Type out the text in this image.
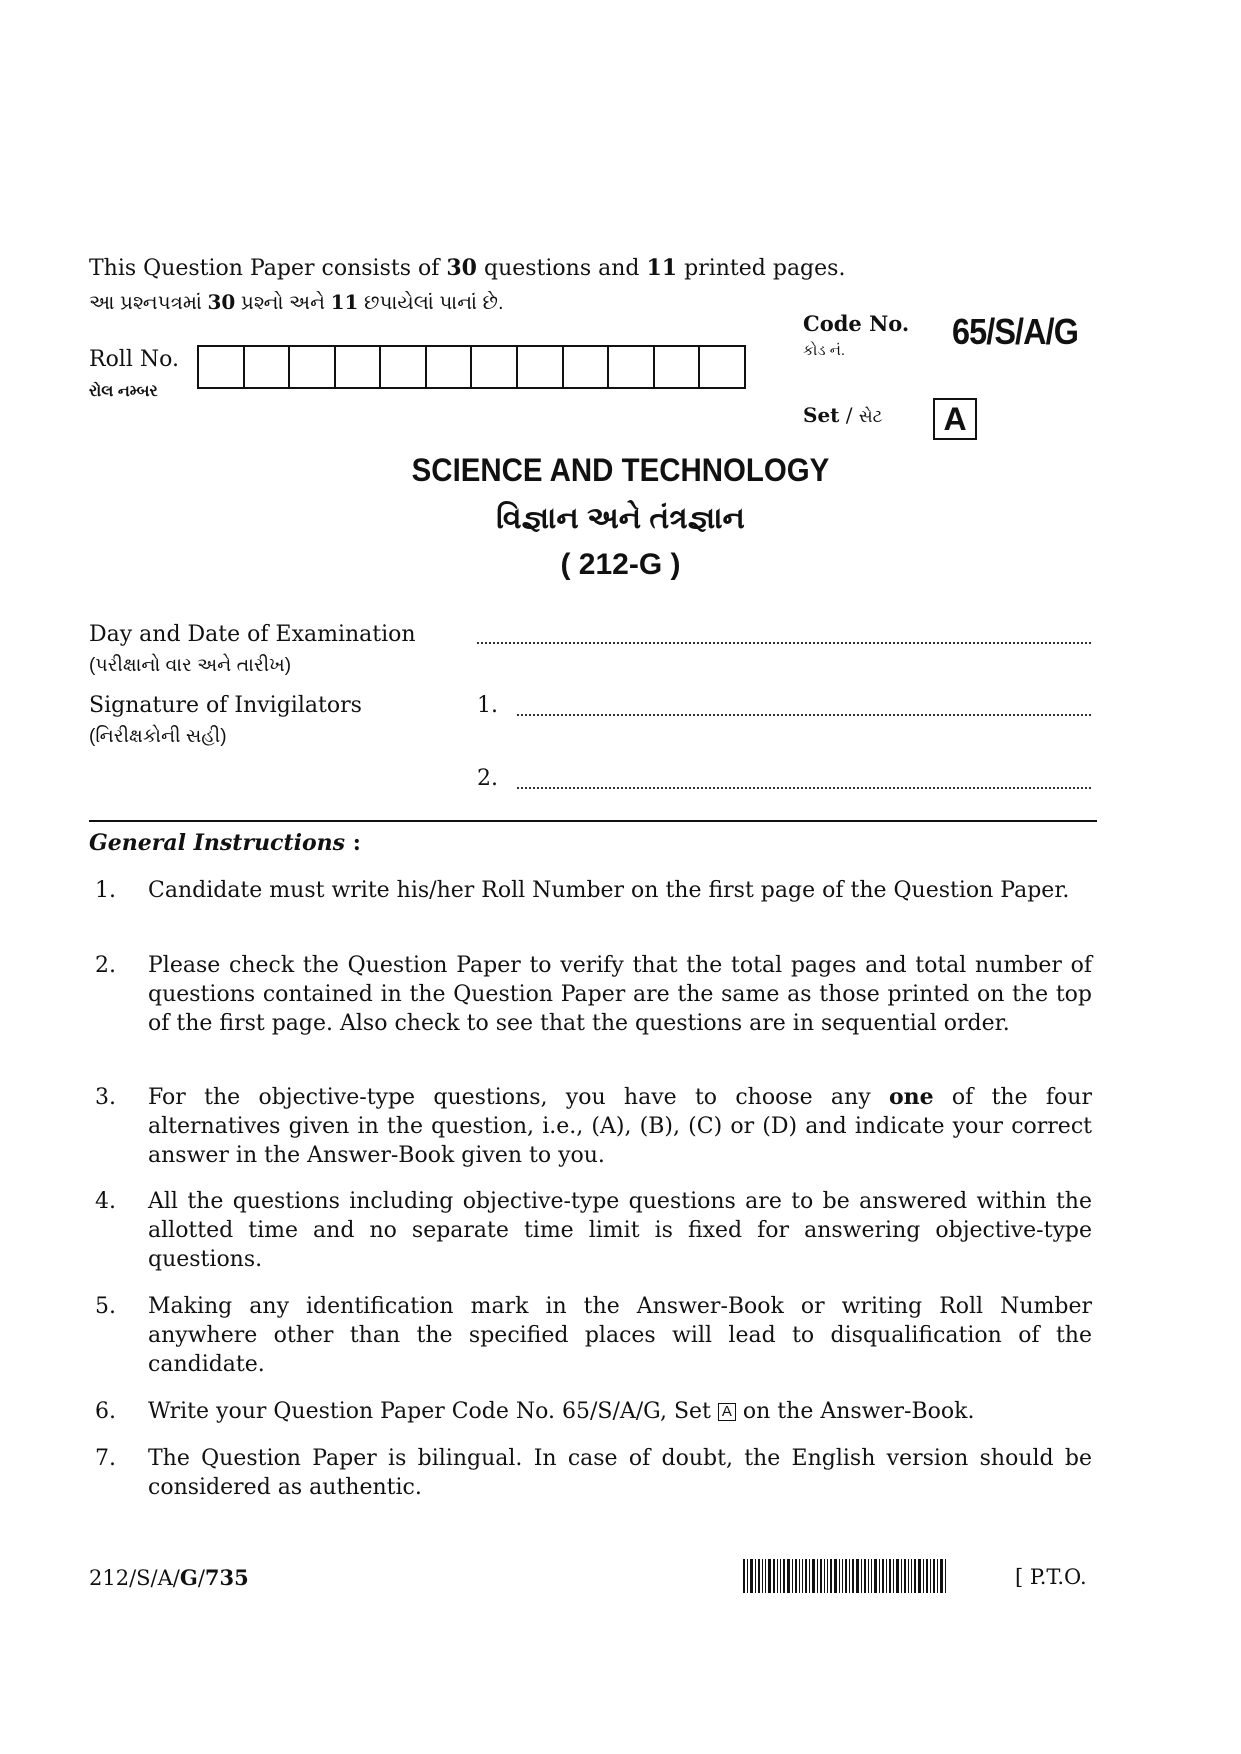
This Question Paper consists of 30 questions and 11 printed pages.
આ પ્રશ્નપત્રમાં 30 પ્રશ્નો અને 11 છપાયેલાં પાનાં છે.
Roll No.
રોલ નમ્બર
Code No.
કોડ નં.	65/S/A/G
Set / સેટ	A
SCIENCE AND TECHNOLOGY
વિજ્ઞાન અને તંત્રજ્ઞાન
( 212-G )
Day and Date of Examination
(પરીક્ષાનો વાર અને તારીખ)
Signature of Invigilators
(નિરીક્ષકોની સહી)
1.
2.
General Instructions :
1.	Candidate must write his/her Roll Number on the first page of the Question Paper.
2.	Please check the Question Paper to verify that the total pages and total number of questions contained in the Question Paper are the same as those printed on the top of the first page. Also check to see that the questions are in sequential order.
3.	For the objective-type questions, you have to choose any one of the four alternatives given in the question, i.e., (A), (B), (C) or (D) and indicate your correct answer in the Answer-Book given to you.
4.	All the questions including objective-type questions are to be answered within the allotted time and no separate time limit is fixed for answering objective-type questions.
5.	Making any identification mark in the Answer-Book or writing Roll Number anywhere other than the specified places will lead to disqualification of the candidate.
6.	Write your Question Paper Code No. 65/S/A/G, Set A on the Answer-Book.
7.	The Question Paper is bilingual. In case of doubt, the English version should be considered as authentic.
212/S/A/G/735	[ P.T.O.
